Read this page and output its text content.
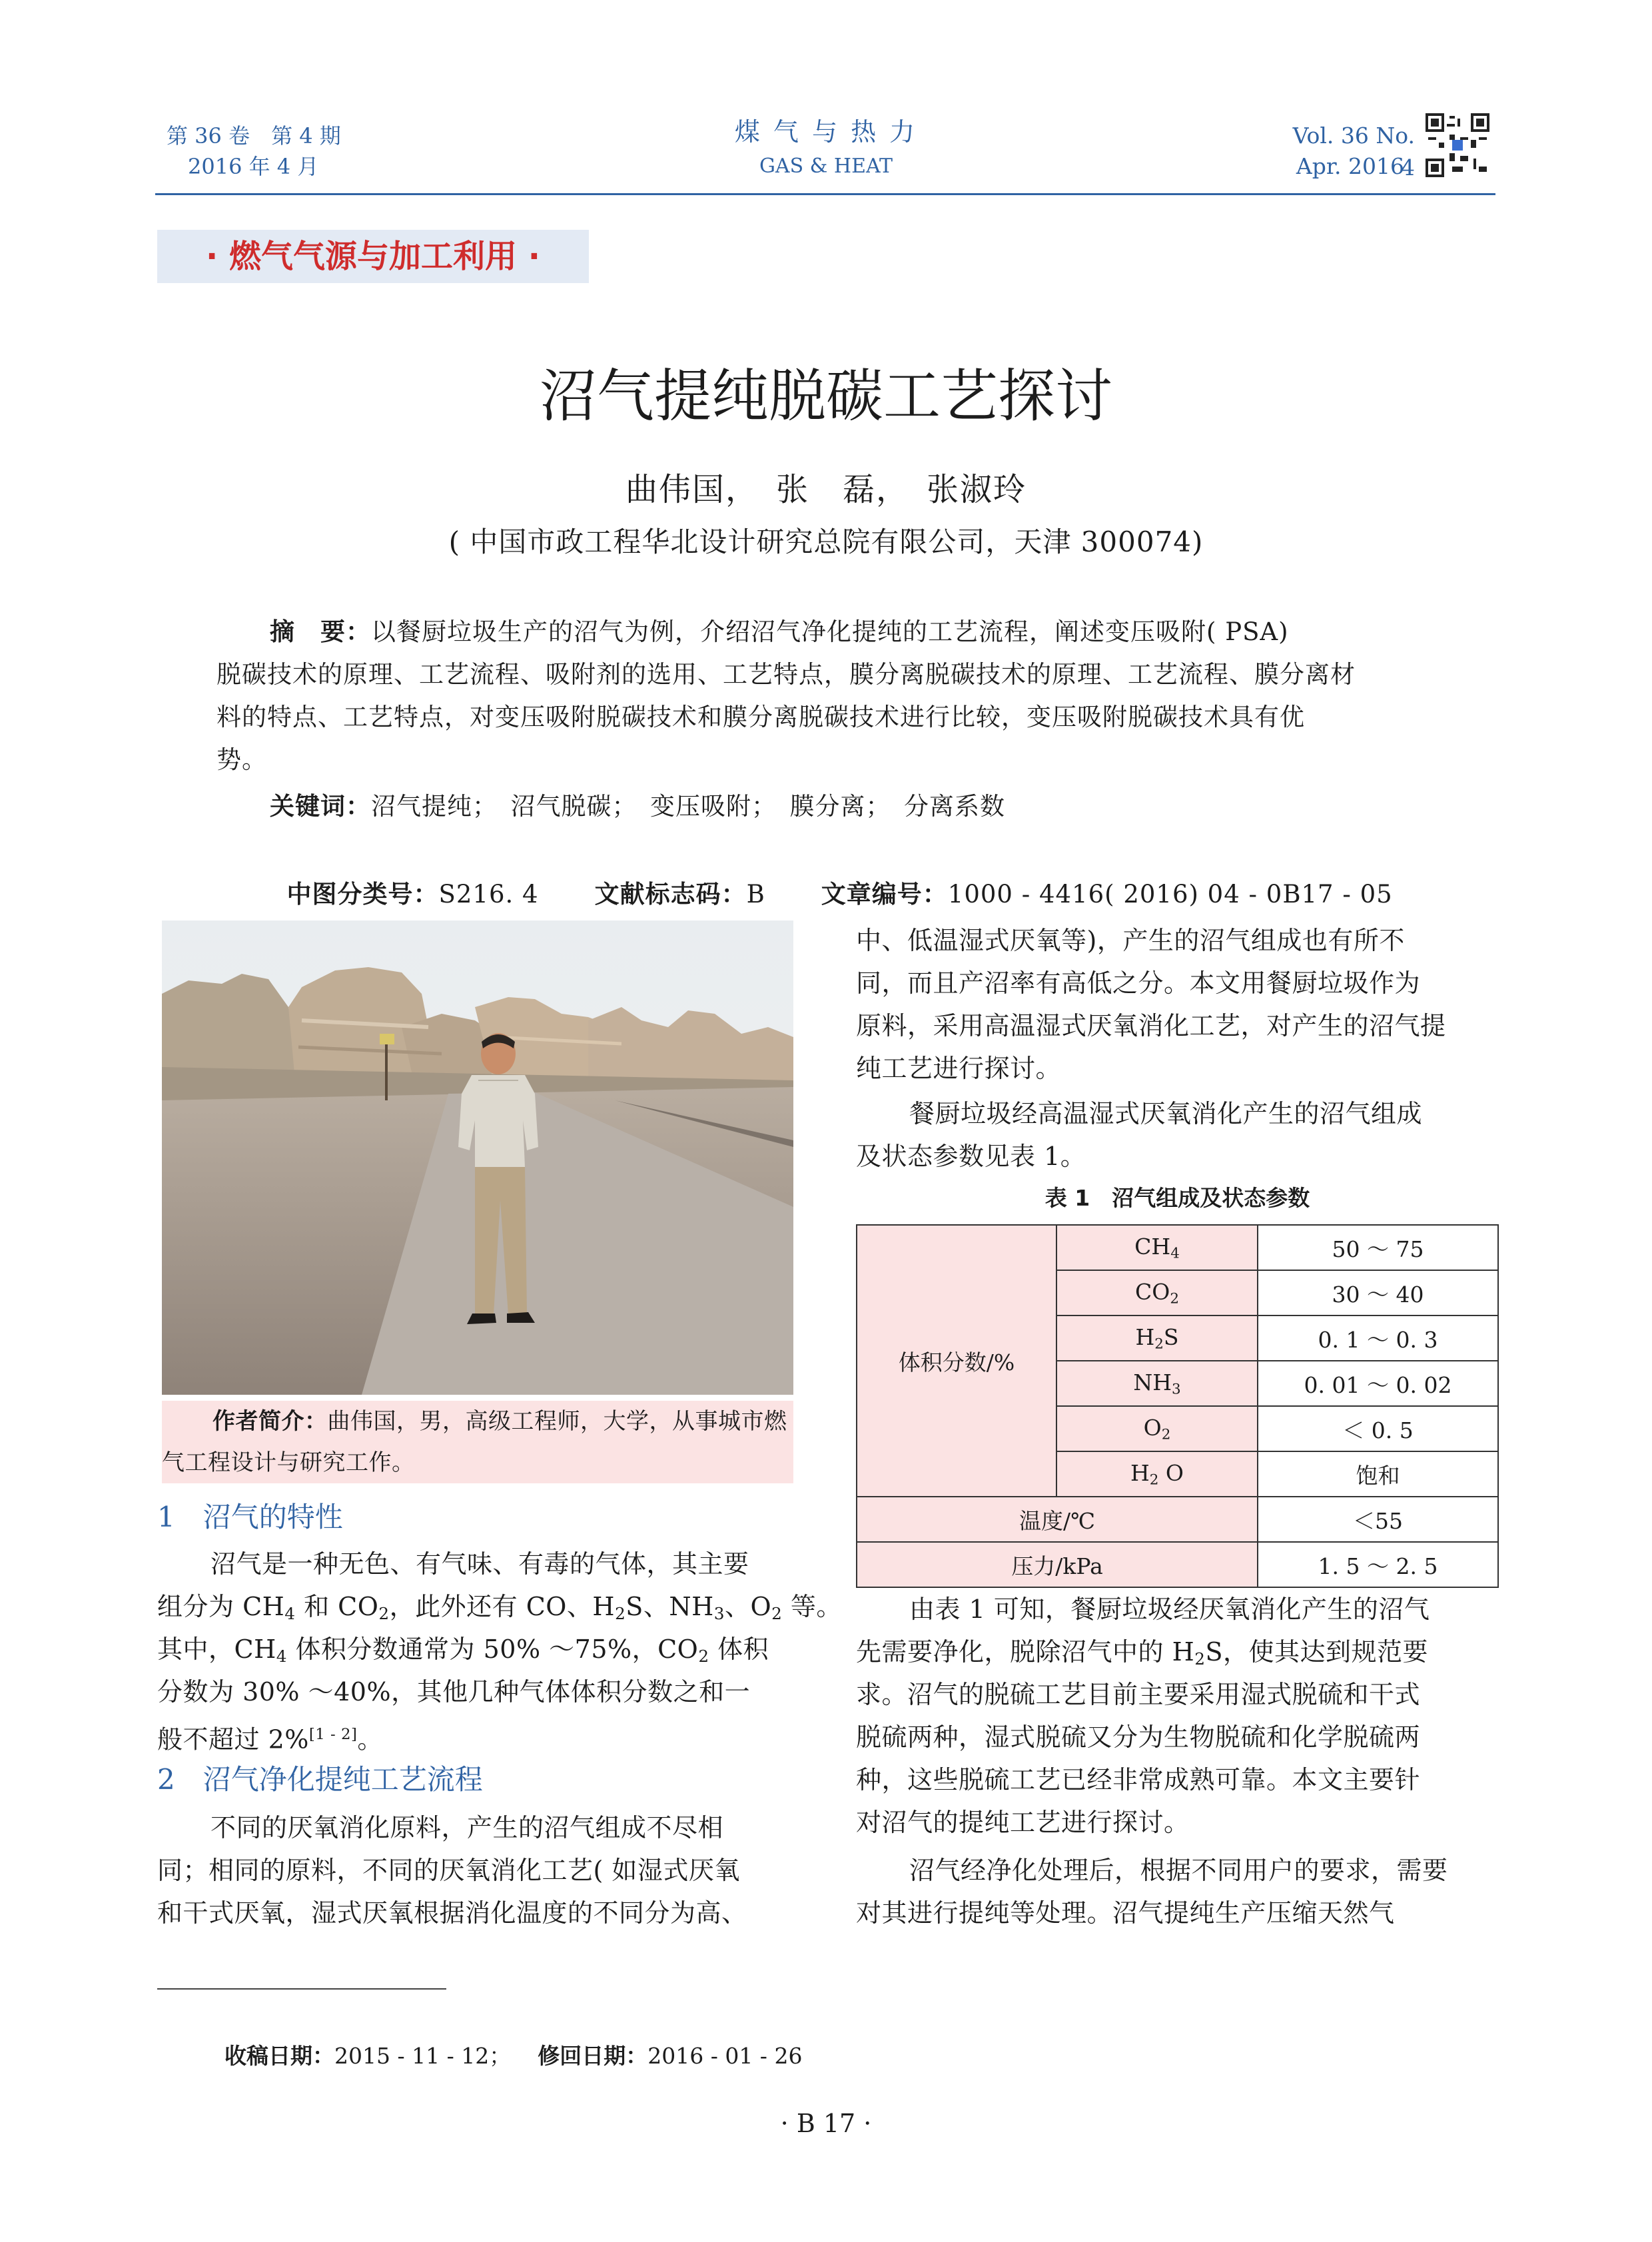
第 36 卷　第 4 期
2016 年 4 月
煤 气 与 热 力
GAS & HEAT
Vol. 36 No. 4
Apr. 2016
· 燃气气源与加工利用 ·
沼气提纯脱碳工艺探讨
曲伟国，　张　磊，　张淑玲
( 中国市政工程华北设计研究总院有限公司，天津 300074)
摘　要：以餐厨垃圾生产的沼气为例，介绍沼气净化提纯的工艺流程，阐述变压吸附( PSA)
脱碳技术的原理、工艺流程、吸附剂的选用、工艺特点，膜分离脱碳技术的原理、工艺流程、膜分离材
料的特点、工艺特点，对变压吸附脱碳技术和膜分离脱碳技术进行比较，变压吸附脱碳技术具有优
势。
关键词：沼气提纯；　沼气脱碳；　变压吸附；　膜分离；　分离系数

中图分类号：S216. 4 文献标志码：B 文章编号：1000 - 4416( 2016) 04 - 0B17 - 05

作者简介：曲伟国，男，高级工程师，大学，从事城市燃
气工程设计与研究工作。
1　沼气的特性
沼气是一种无色、有气味、有毒的气体，其主要
组分为 $CH_4$ 和 $CO_2$，此外还有 CO、$H_2S$、$NH_3$、$O_2$ 等。
其中，$CH_4$ 体积分数通常为 50% ～75%，$CO_2$ 体积
分数为 30% ～40%，其他几种气体体积分数之和一
般不超过 2%[1 - 2]。
2　沼气净化提纯工艺流程
不同的厌氧消化原料，产生的沼气组成不尽相
同；相同的原料，不同的厌氧消化工艺( 如湿式厌氧
和干式厌氧，湿式厌氧根据消化温度的不同分为高、
中、低温湿式厌氧等)，产生的沼气组成也有所不
同，而且产沼率有高低之分。本文用餐厨垃圾作为
原料，采用高温湿式厌氧消化工艺，对产生的沼气提
纯工艺进行探讨。
餐厨垃圾经高温湿式厌氧消化产生的沼气组成
及状态参数见表 1。
表 1　沼气组成及状态参数
体积分数/%	$CH_4$	50 ～ 75
	$CO_2$	30 ～ 40
	$H_2S$	0. 1 ～ 0. 3
	$NH_3$	0. 01 ～ 0. 02
	$O_2$	＜ 0. 5
	$H_2$ O	饱和
温度/℃		＜55
压力/kPa		1. 5 ～ 2. 5
由表 1 可知，餐厨垃圾经厌氧消化产生的沼气
先需要净化，脱除沼气中的 $H_2S$，使其达到规范要
求。沼气的脱硫工艺目前主要采用湿式脱硫和干式
脱硫两种，湿式脱硫又分为生物脱硫和化学脱硫两
种，这些脱硫工艺已经非常成熟可靠。本文主要针
对沼气的提纯工艺进行探讨。
沼气经净化处理后，根据不同用户的要求，需要
对其进行提纯等处理。沼气提纯生产压缩天然气

收稿日期：2015 - 11 - 12； 修回日期：2016 - 01 - 26

· B 17 ·
